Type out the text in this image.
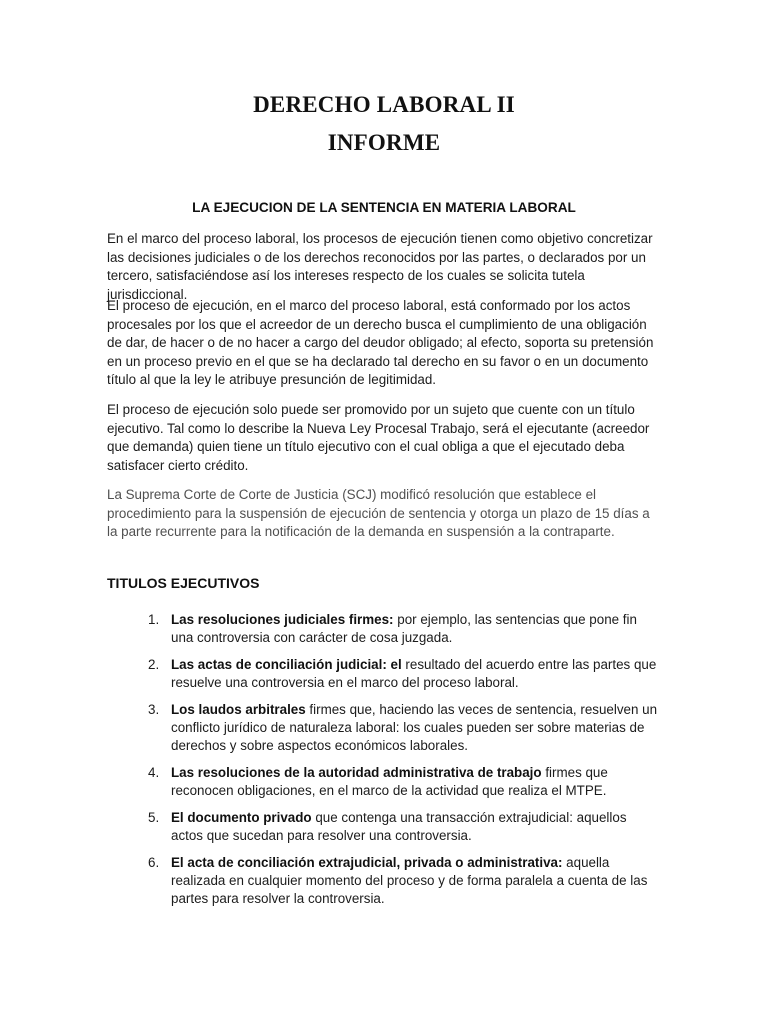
DERECHO LABORAL II
INFORME
LA EJECUCION DE LA SENTENCIA EN MATERIA LABORAL

En el marco del proceso laboral, los procesos de ejecución tienen como objetivo concretizar las decisiones judiciales o de los derechos reconocidos por las partes, o declarados por un tercero, satisfaciéndose así los intereses respecto de los cuales se solicita tutela jurisdiccional.

El proceso de ejecución, en el marco del proceso laboral, está conformado por los actos procesales por los que el acreedor de un derecho busca el cumplimiento de una obligación de dar, de hacer o de no hacer a cargo del deudor obligado; al efecto, soporta su pretensión en un proceso previo en el que se ha declarado tal derecho en su favor o en un documento título al que la ley le atribuye presunción de legitimidad.

El proceso de ejecución solo puede ser promovido por un sujeto que cuente con un título ejecutivo. Tal como lo describe la Nueva Ley Procesal Trabajo, será el ejecutante (acreedor que demanda) quien tiene un título ejecutivo con el cual obliga a que el ejecutado deba satisfacer cierto crédito.

La Suprema Corte de Corte de Justicia (SCJ) modificó resolución que establece el procedimiento para la suspensión de ejecución de sentencia y otorga un plazo de 15 días a la parte recurrente para la notificación de la demanda en suspensión a la contraparte.

TITULOS EJECUTIVOS
1. Las resoluciones judiciales firmes: por ejemplo, las sentencias que pone fin una controversia con carácter de cosa juzgada.
2. Las actas de conciliación judicial: el resultado del acuerdo entre las partes que resuelve una controversia en el marco del proceso laboral.
3. Los laudos arbitrales firmes que, haciendo las veces de sentencia, resuelven un conflicto jurídico de naturaleza laboral: los cuales pueden ser sobre materias de derechos y sobre aspectos económicos laborales.
4. Las resoluciones de la autoridad administrativa de trabajo firmes que reconocen obligaciones, en el marco de la actividad que realiza el MTPE.
5. El documento privado que contenga una transacción extrajudicial: aquellos actos que sucedan para resolver una controversia.
6. El acta de conciliación extrajudicial, privada o administrativa: aquella realizada en cualquier momento del proceso y de forma paralela a cuenta de las partes para resolver la controversia.
